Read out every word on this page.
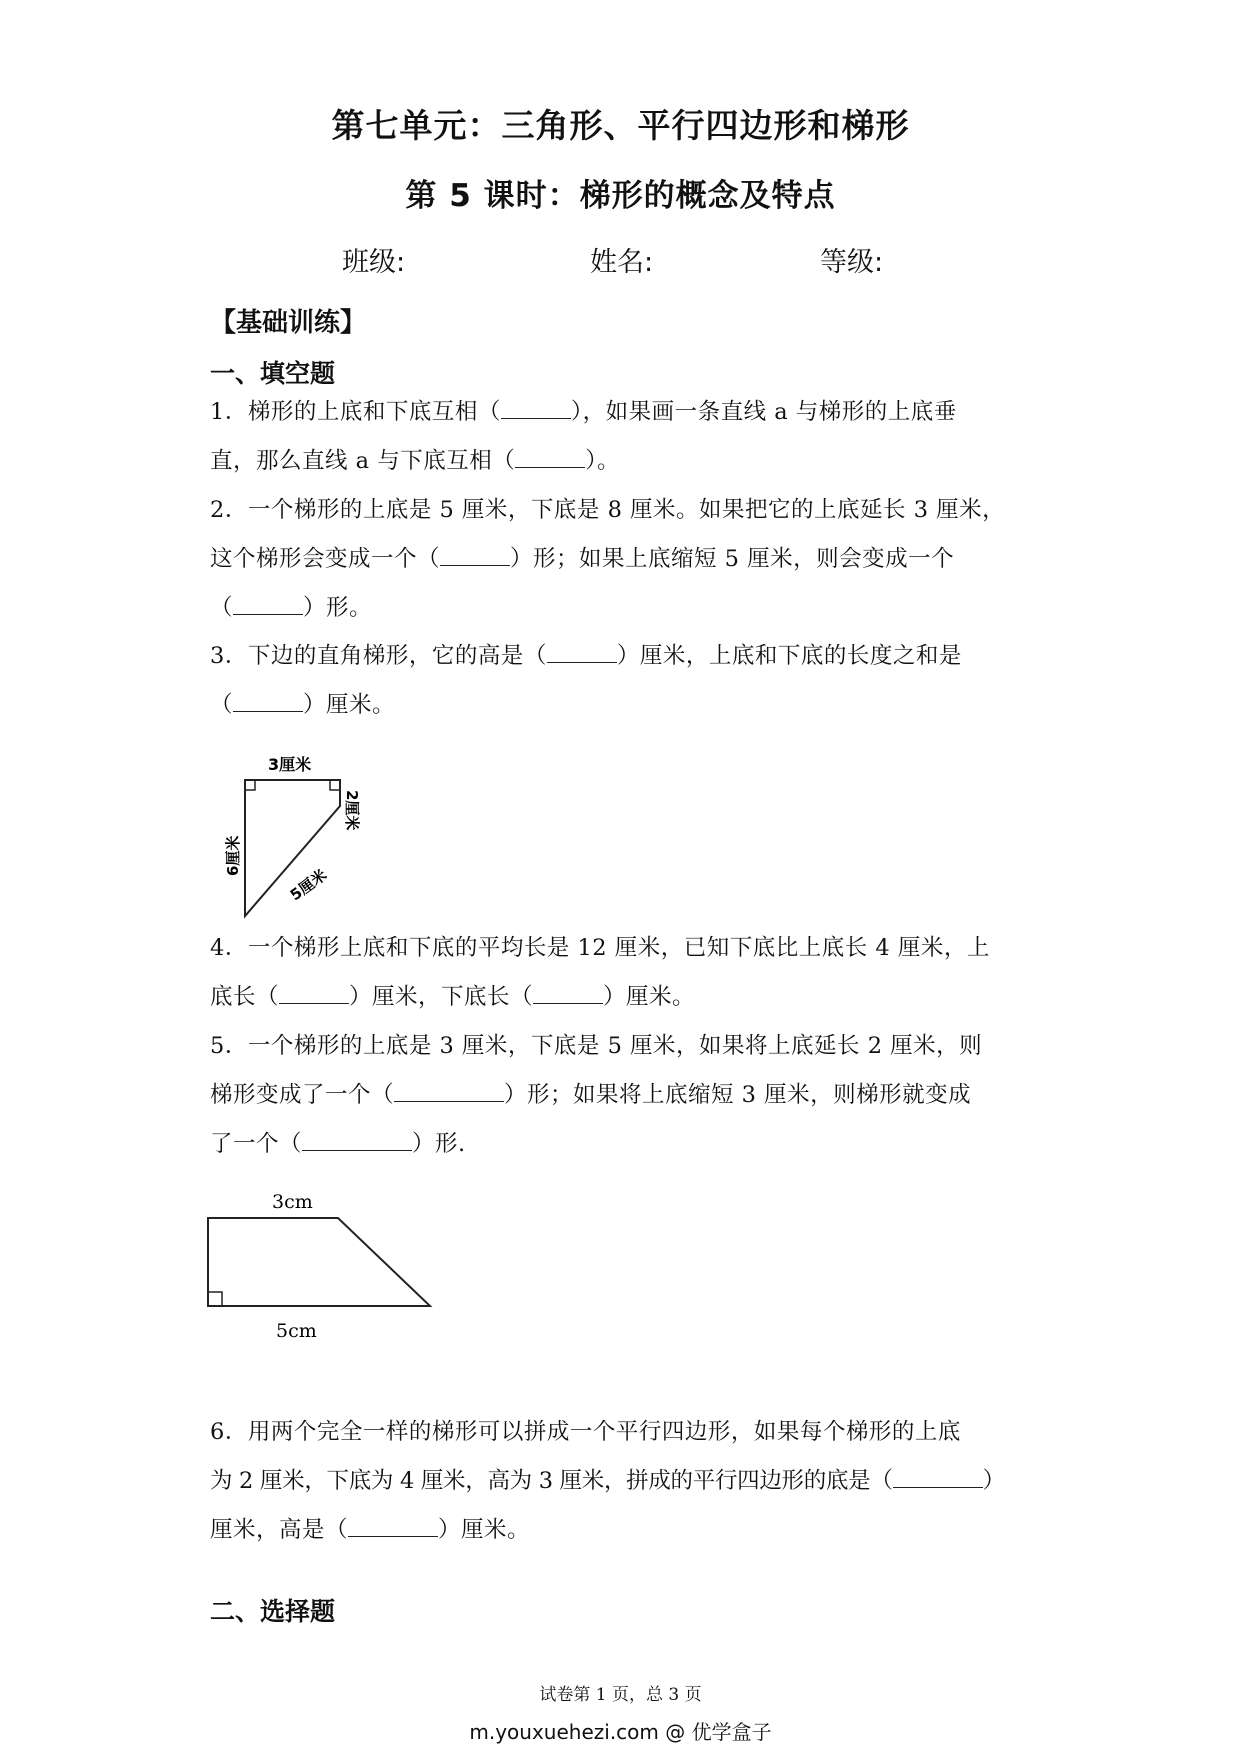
第七单元：三角形、平行四边形和梯形
第 5 课时：梯形的概念及特点
班级:	姓名:	等级:
【基础训练】
一、填空题
1．梯形的上底和下底互相（	），如果画一条直线 a 与梯形的上底垂
直，那么直线 a 与下底互相（	）。
2．一个梯形的上底是 5 厘米，下底是 8 厘米。如果把它的上底延长 3 厘米，
这个梯形会变成一个（	）形；如果上底缩短 5 厘米，则会变成一个
（	）形。
3．下边的直角梯形，它的高是（	）厘米，上底和下底的长度之和是
（	）厘米。
3厘米
6厘米
2厘米
5厘米
4．一个梯形上底和下底的平均长是 12 厘米，已知下底比上底长 4 厘米，上
底长（	）厘米，下底长（	）厘米。
5．一个梯形的上底是 3 厘米，下底是 5 厘米，如果将上底延长 2 厘米，则
梯形变成了一个（	）形；如果将上底缩短 3 厘米，则梯形就变成
了一个（	）形.
3cm
5cm
6．用两个完全一样的梯形可以拼成一个平行四边形，如果每个梯形的上底
为 2 厘米，下底为 4 厘米，高为 3 厘米，拼成的平行四边形的底是（	）
厘米，高是（	）厘米。
二、选择题
试卷第 1 页，总 3 页
m.youxuehezi.com @ 优学盒子
